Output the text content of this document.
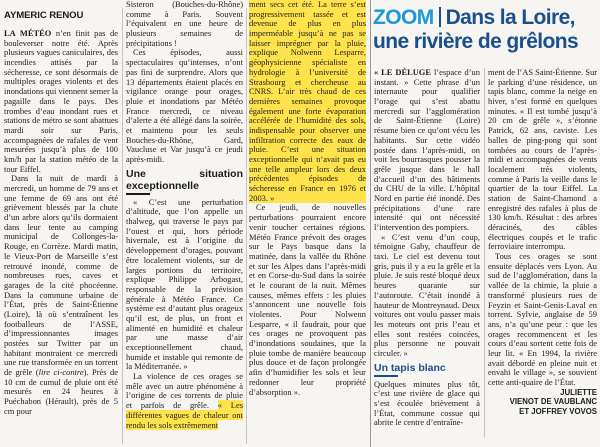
AYMERIC RENOU

LA MÉTÉO n’en finit pas de bouleverser notre été. Après plusieurs vagues caniculaires, des incendies attisés par la sécheresse, ce sont désormais de multiples orages violents et des inondations qui viennent semer la pagaille dans le pays. Des trombes d’eau inondant rues et stations de métro se sont abattues mardi soir sur Paris, accompagnées de rafales de vent mesurées jusqu’à plus de 100 km/h par la station météo de la tour Eiffel.

Dans la nuit de mardi à mercredi, un homme de 79 ans et une femme de 69 ans ont été grièvement blessés par la chute d’un arbre alors qu’ils dormaient dans leur tente au camping municipal de Collonges-la-Rouge, en Corrèze. Mardi matin, le Vieux-Port de Marseille s’est retrouvé inondé, comme de nombreuses rues, caves et garages de la cité phocéenne. Dans la commune urbaine de l’État, près de Saint-Étienne (Loire), là où s’entraînent les footballeurs de l’ASSE, d’impressionnantes images postées sur Twitter par un habitant montraient ce mercredi une rue transformée en un torrent de grêle (lire ci-contre). Près de 10 cm de cumul de pluie ont été mesurés en 24 heures à Puéchabon (Hérault), près de 5 cm pour

Sisteron (Bouches-du-Rhône) comme à Paris. Souvent l’équivalent en une heure de plusieurs semaines de précipitations !

Ces épisodes, aussi spectaculaires qu’intenses, n’ont pas fini de surprendre. Alors que 13 départements étaient placés en vigilance orange pour orages, pluie et inondations par Météo France mercredi, ce niveau d’alerte a été allégé dans la soirée, et maintenu pour les seuls Bouches-du-Rhône, Gard, Vaucluse et Var jusqu’à ce jeudi après-midi.

Une situation exceptionnelle

« C’est une perturbation d’altitude, que l’on appelle un thalweg, qui traverse le pays par l’ouest et qui, hors période hivernale, est à l’origine du développement d’orages, pouvant être localement violents, sur de larges portions du territoire, explique Philippe Arbogast, responsable de la prévision générale à Météo France. Ce système est d’autant plus orageux qu’il est, de plus, un front et alimenté en humidité et chaleur par une masse d’air exceptionnellement chaud, humide et instable qui remonte de la Méditerranée. »

La violence de ces orages se mêle avec un autre phénomène à l’origine de ces torrents de pluie et parfois de grêle. « Les différentes vagues de chaleur ont rendu les sols extrêmement

ment secs cet été. La terre s’est progressivement tassée et est devenue de plus en plus imperméable jusqu’à ne pas se laisser imprégner par la pluie, explique Nolwenn Lesparre, géophysicienne spécialiste en hydrologie à l’université de Strasbourg et chercheuse au CNRS. L’air très chaud de ces dernières semaines provoque également une forte évaporation accélérée de l’humidité des sols, indispensable pour observer une infiltration correcte des eaux de pluie. C’est une situation exceptionnelle qui n’avait pas eu une telle ampleur lors des deux précédentes épisodes de sécheresse en France en 1976 et 2003. »

Ce jeudi, de nouvelles perturbations pourraient encore venir toucher certaines régions. Météo France prévoit des orages sur le Pays basque dans la matinée, dans la vallée du Rhône et sur les Alpes dans l’après-midi et en Corse-du-Sud dans la soirée et le courant de la nuit. Mêmes causes, mêmes effets : les pluies s’annoncent une nouvelle fois violentes. Pour Nolwenn Lesparre, « il faudrait, pour que ces orages ne provoquent pas d’inondations soudaines, que la pluie tombe de manière beaucoup plus douce et de façon prolongée afin d’humidifier les sols et leur redonner leur propriété d’absorption ».

ZOOM Dans la Loire,
une rivière de grêlons

« LE DÉLUGE l’espace d’un instant. » Cette phrase d’un internaute pour qualifier l’orage qui s’est abattu mercredi sur l’agglomération de Saint-Étienne (Loire) résume bien ce qu’ont vécu les habitants. Sur cette vidéo postée dans l’après-midi, on voit les bourrasques pousser la grêle jusque dans le hall d’accueil d’un des bâtiments du CHU de la ville. L’hôpital Nord en partie été inondé. Des précipitations d’une rare intensité qui ont nécessité l’intervention des pompiers.

« C’est venu d’un coup, témoigne Gaby, chauffeur de taxi. Le ciel est devenu tout gris, puis il y a eu la grêle et la pluie. Je suis resté bloqué deux heures quarante sur l’autoroute. C’était inondé à hauteur de Montreynaud. Deux voitures ont voulu passer mais les moteurs ont pris l’eau et elles sont restées coincées, plus personne ne pouvait circuler. »

Un tapis blanc

Quelques minutes plus tôt, c’est une rivière de glace qui s’est écoulée brièvement à l’État, commune cossue qui abrite le centre d’entraîne-

ment de l’AS Saint-Étienne. Sur le parking d’une résidence, un tapis blanc, comme la neige en hiver, s’est formé en quelques minutes. « Il est tombé jusqu’à 20 cm de grêle », s’étonne Patrick, 62 ans, caviste. Les balles de ping-pong qui sont tombées au cours de l’après-midi et accompagnées de vents localement très violents, comme à Paris la veille dans le quartier de la tour Eiffel. La station de Saint-Chamond a enregistré des rafales à plus de 130 km/h. Résultat : des arbres déracinés, des câbles électriques coupés et le trafic ferroviaire interrompu.

Tous ces orages se sont ensuite déplacés vers Lyon. Au sud de l’agglomération, dans la vallée de la chimie, la pluie a transformé plusieurs rues de Feyzin et Saint-Genis-Laval en torrent. Sylvie, anglaise de 59 ans, n’a qu’une peur : que les orages recommencent et les cours d’eau sortent cette fois de leur lit. « En 1994, la rivière avait débordé en pleine nuit et envahi le village », se souvient cette anti-quaire de l’État.

JULIETTE
VIENOT DE VAUBLANC
ET JOFFREY VOVOS
